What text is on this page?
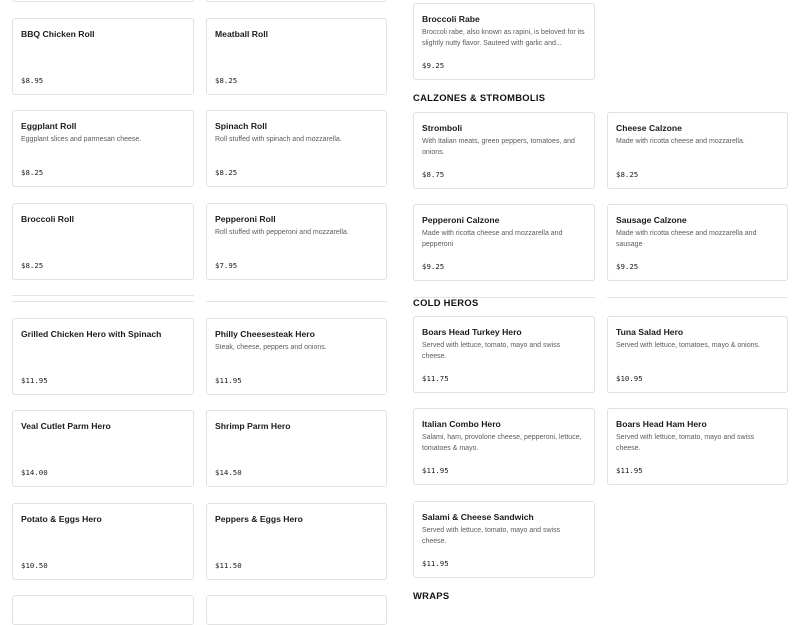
BBQ Chicken Roll
$8.95
Meatball Roll
$8.25
Eggplant Roll
Eggplant slices and parmesan cheese.
$8.25
Spinach Roll
Roll stuffed with spinach and mozzarella.
$8.25
Broccoli Roll
$8.25
Pepperoni Roll
Roll stuffed with pepperoni and mozzarella.
$7.95
Grilled Chicken Hero with Spinach
$11.95
Philly Cheesesteak Hero
Steak, cheese, peppers and onions.
$11.95
Veal Cutlet Parm Hero
$14.00
Shrimp Parm Hero
$14.50
Potato & Eggs Hero
$10.50
Peppers & Eggs Hero
$11.50
Broccoli Rabe
Broccoli rabe, also known as rapini, is beloved for its slightly nutty flavor. Sauteed with garlic and...
$9.25
CALZONES & STROMBOLIS
Stromboli
With Italian meats, green peppers, tomatoes, and onions.
$8.75
Cheese Calzone
Made with ricotta cheese and mozzarella.
$8.25
Pepperoni Calzone
Made with ricotta cheese and mozzarella and pepperoni
$9.25
Sausage Calzone
Made with ricotta cheese and mozzarella and sausage
$9.25
COLD HEROS
Boars Head Turkey Hero
Served with lettuce, tomato, mayo and swiss cheese.
$11.75
Tuna Salad Hero
Served with lettuce, tomatoes, mayo & onions.
$10.95
Italian Combo Hero
Salami, ham, provolone cheese, pepperoni, lettuce, tomatoes & mayo.
$11.95
Boars Head Ham Hero
Served with lettuce, tomato, mayo and swiss cheese.
$11.95
Salami & Cheese Sandwich
Served with lettuce, tomato, mayo and swiss cheese.
$11.95
WRAPS
